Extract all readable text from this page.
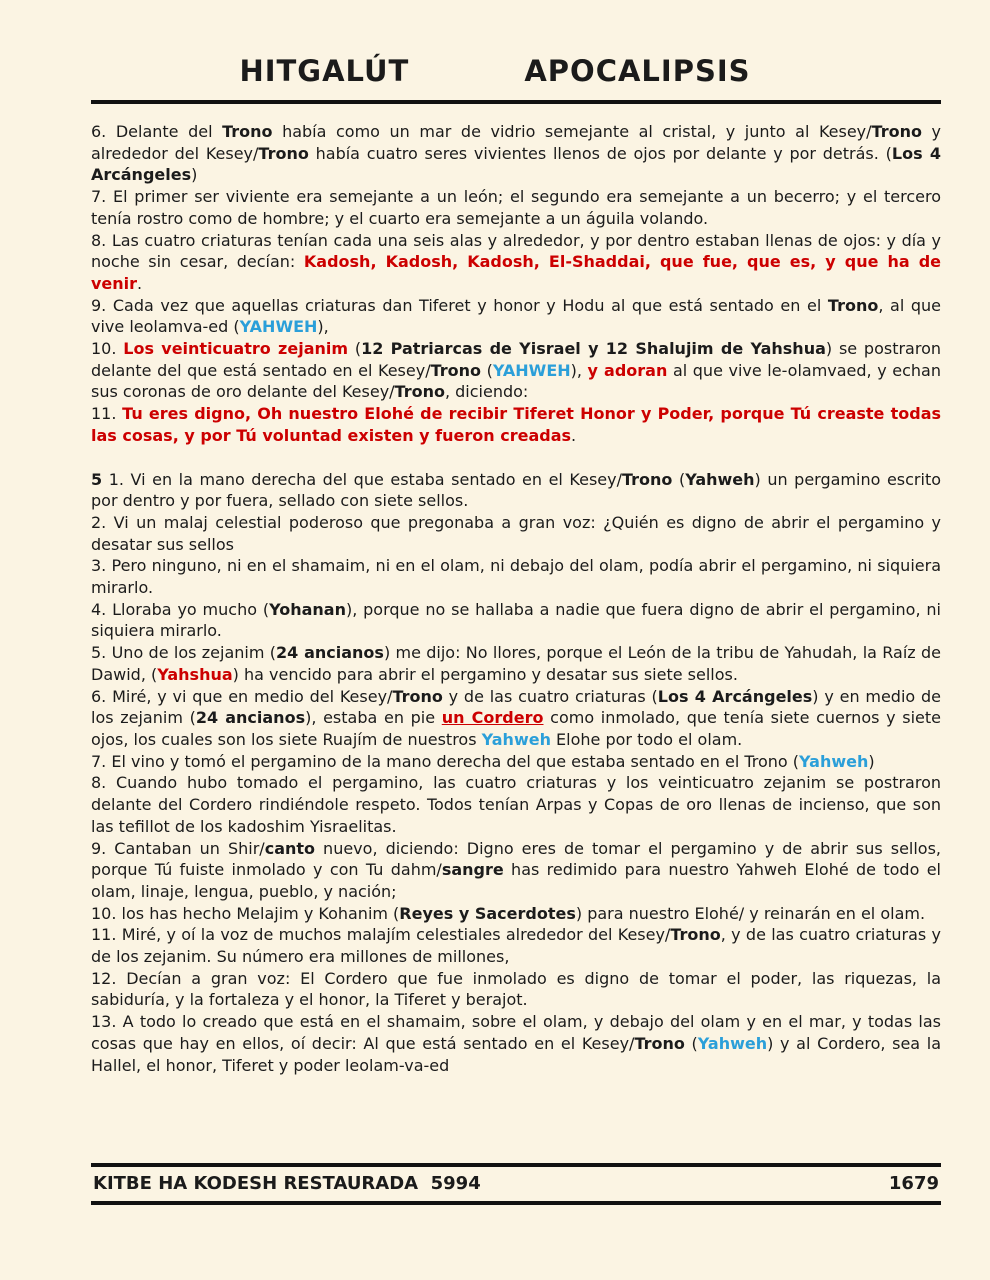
HITGALÚT	APOCALIPSIS

6. Delante del Trono había como un mar de vidrio semejante al cristal, y junto al Kesey/Trono y alrededor del Kesey/Trono había cuatro seres vivientes llenos de ojos por delante y por detrás. (Los 4 Arcángeles)

7. El primer ser viviente era semejante a un león; el segundo era semejante a un becerro; y el tercero tenía rostro como de hombre; y el cuarto era semejante a un águila volando.

8. Las cuatro criaturas tenían cada una seis alas y alrededor, y por dentro estaban llenas de ojos: y día y noche sin cesar, decían: Kadosh, Kadosh, Kadosh, El-Shaddai, que fue, que es, y que ha de venir.

9. Cada vez que aquellas criaturas dan Tiferet y honor y Hodu al que está sentado en el Trono, al que vive leolamva-ed (YAHWEH),

10. Los veinticuatro zejanim (12 Patriarcas de Yisrael y 12 Shalujim de Yahshua) se postraron delante del que está sentado en el Kesey/Trono (YAHWEH), y adoran al que vive le-olamvaed, y echan sus coronas de oro delante del Kesey/Trono, diciendo:

11. Tu eres digno, Oh nuestro Elohé de recibir Tiferet Honor y Poder, porque Tú creaste todas las cosas, y por Tú voluntad existen y fueron creadas.

5 1. Vi en la mano derecha del que estaba sentado en el Kesey/Trono (Yahweh) un pergamino escrito por dentro y por fuera, sellado con siete sellos.

2. Vi un malaj celestial poderoso que pregonaba a gran voz: ¿Quién es digno de abrir el pergamino y desatar sus sellos

3. Pero ninguno, ni en el shamaim, ni en el olam, ni debajo del olam, podía abrir el pergamino, ni siquiera mirarlo.

4. Lloraba yo mucho (Yohanan), porque no se hallaba a nadie que fuera digno de abrir el pergamino, ni siquiera mirarlo.

5. Uno de los zejanim (24 ancianos) me dijo: No llores, porque el León de la tribu de Yahudah, la Raíz de Dawid, (Yahshua) ha vencido para abrir el pergamino y desatar sus siete sellos.

6. Miré, y vi que en medio del Kesey/Trono y de las cuatro criaturas (Los 4 Arcángeles) y en medio de los zejanim (24 ancianos), estaba en pie un Cordero como inmolado, que tenía siete cuernos y siete ojos, los cuales son los siete Ruajím de nuestros Yahweh Elohe por todo el olam.

7. El vino y tomó el pergamino de la mano derecha del que estaba sentado en el Trono (Yahweh)

8. Cuando hubo tomado el pergamino, las cuatro criaturas y los veinticuatro zejanim se postraron delante del Cordero rindiéndole respeto. Todos tenían Arpas y Copas de oro llenas de incienso, que son las tefillot de los kadoshim Yisraelitas.

9. Cantaban un Shir/canto nuevo, diciendo: Digno eres de tomar el pergamino y de abrir sus sellos, porque Tú fuiste inmolado y con Tu dahm/sangre has redimido para nuestro Yahweh Elohé de todo el olam, linaje, lengua, pueblo, y nación;

10. los has hecho Melajim y Kohanim (Reyes y Sacerdotes) para nuestro Elohé/ y reinarán en el olam.

11. Miré, y oí la voz de muchos malajím celestiales alrededor del Kesey/Trono, y de las cuatro criaturas y de los zejanim. Su número era millones de millones,

12. Decían a gran voz: El Cordero que fue inmolado es digno de tomar el poder, las riquezas, la sabiduría, y la fortaleza y el honor, la Tiferet y berajot.

13. A todo lo creado que está en el shamaim, sobre el olam, y debajo del olam y en el mar, y todas las cosas que hay en ellos, oí decir: Al que está sentado en el Kesey/Trono (Yahweh) y al Cordero, sea la Hallel, el honor, Tiferet y poder leolam-va-ed

KITBE HA KODESH RESTAURADA  5994	1679
